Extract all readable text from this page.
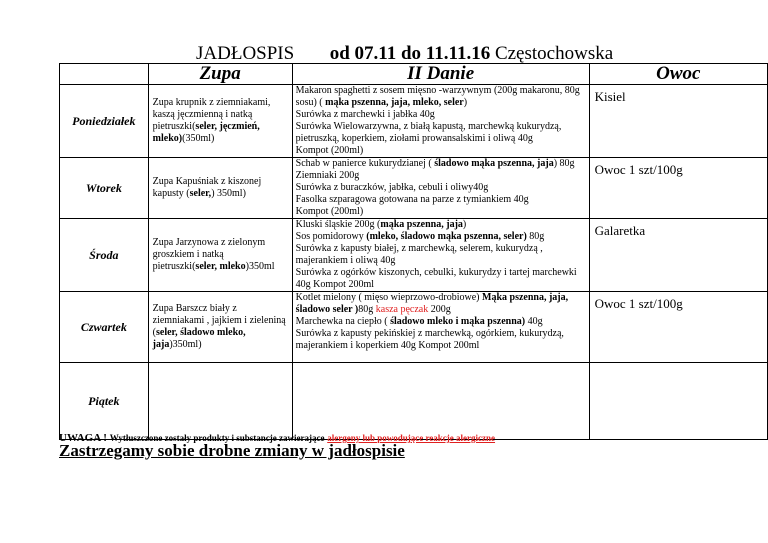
JADŁOSPIS od 07.11 do 11.11.16 Częstochowska

	Zupa	II Danie	Owoc

Poniedziałek	Zupa krupnik z ziemniakami, kaszą jęczmienną i natką pietruszki(seler, jęczmień, mleko)(350ml)	Makaron spaghetti z sosem mięsno -warzywnym (200g makaronu, 80g sosu) ( mąka pszenna, jaja, mleko, seler)
Surówka z marchewki i jabłka 40g
Surówka Wielowarzywna, z białą kapustą, marchewką kukurydzą, pietruszką, koperkiem, ziołami prowansalskimi i oliwą 40g
Kompot (200ml)	Kisiel

Wtorek	Zupa Kapuśniak z kiszonej kapusty (seler,) 350ml)	Schab w panierce kukurydzianej ( śladowo mąka pszenna, jaja) 80g
Ziemniaki 200g
Surówka z buraczków, jabłka, cebuli i oliwy40g
Fasolka szparagowa gotowana na parze z tymiankiem 40g
Kompot (200ml)	Owoc 1 szt/100g

Środa	Zupa Jarzynowa z zielonym groszkiem i natką pietruszki(seler, mleko)350ml	Kluski śląskie 200g (mąka pszenna, jaja)
Sos pomidorowy (mleko, śladowo mąka pszenna, seler) 80g
Surówka z kapusty białej, z marchewką, selerem, kukurydzą , majerankiem i oliwą 40g
Surówka z ogórków kiszonych, cebulki, kukurydzy i tartej marchewki 40g Kompot 200ml	Galaretka

Czwartek	Zupa Barszcz biały z ziemniakami , jajkiem i zieleniną (seler, śladowo mleko, jaja)350ml)	Kotlet mielony ( mięso wieprzowo-drobiowe) Mąka pszenna, jaja, śladowo seler )80g kasza pęczak 200g
Marchewka na ciepło ( śladowo mleko i mąka pszenna) 40g
Surówka z kapusty pekińskiej z marchewką, ogórkiem, kukurydzą, majerankiem i koperkiem 40g Kompot 200ml	Owoc 1 szt/100g

Piątek			
UWAGA ! Wytłuszczone zostały produkty i substancje zawierające alergeny lub powodujące reakcje alergiczne
Zastrzegamy sobie drobne zmiany w jadłospisie
